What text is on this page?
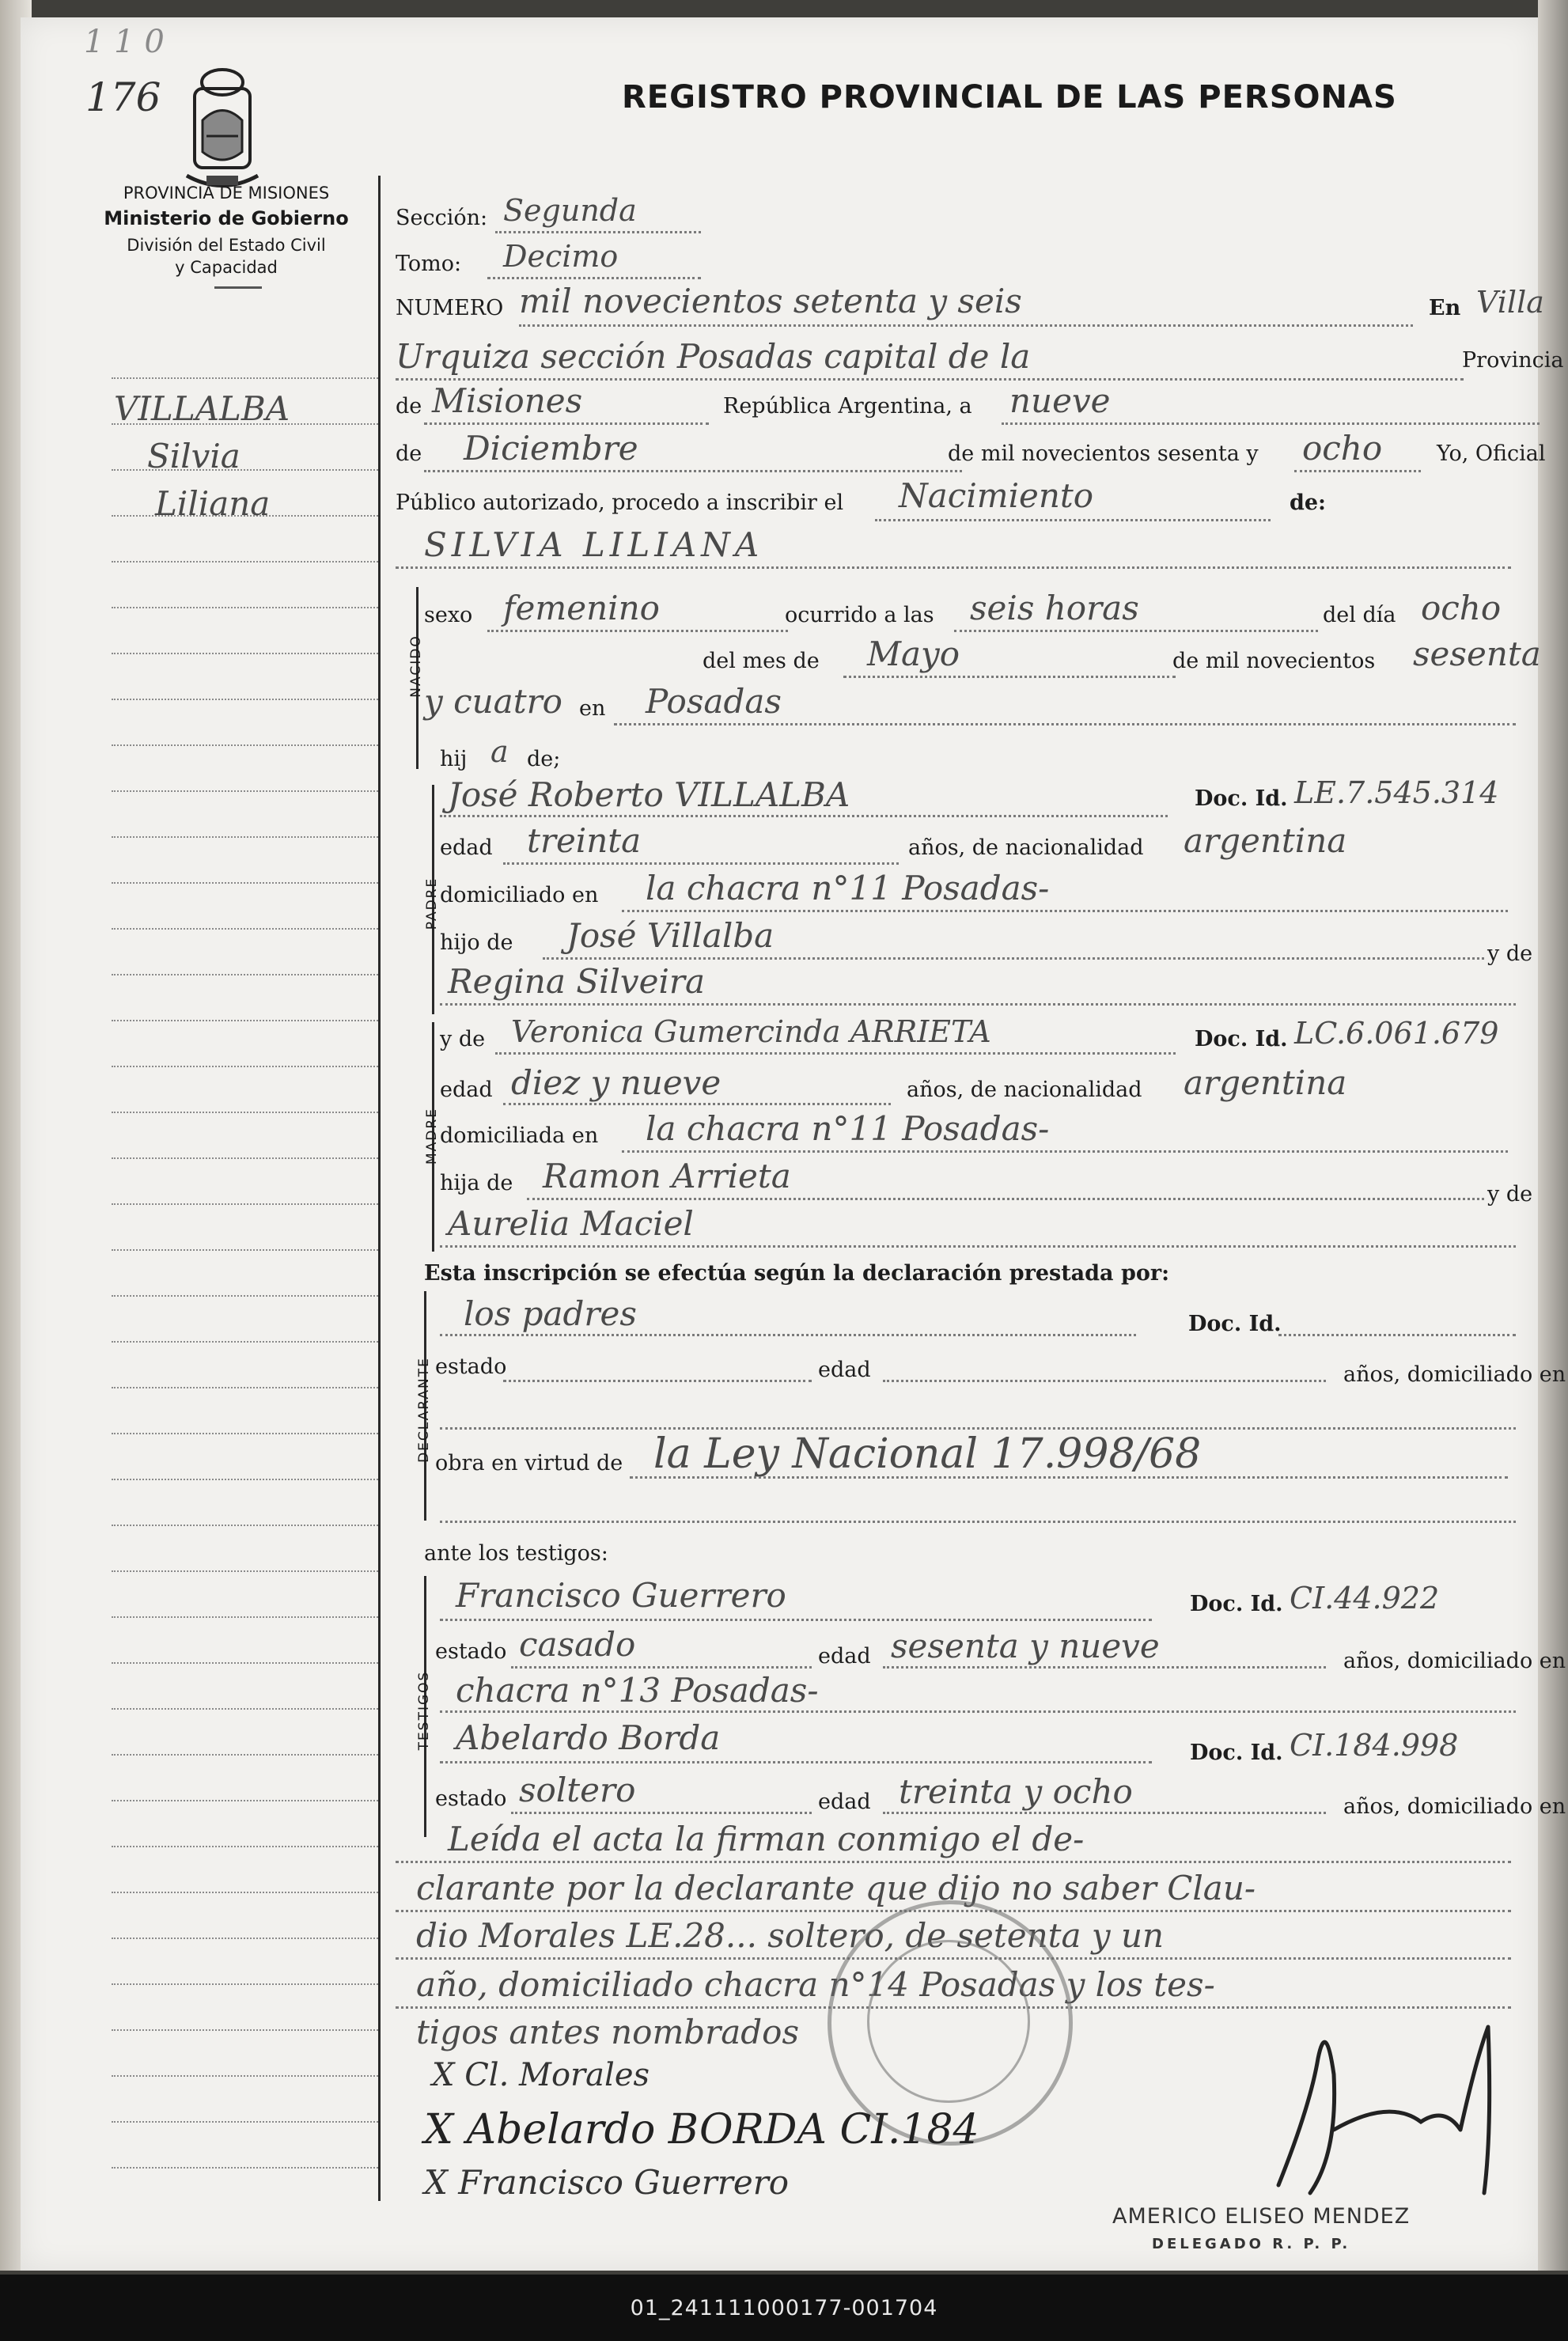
1 1 0
176	REGISTRO PROVINCIAL DE LAS PERSONAS
PROVINCIA DE MISIONES
Ministerio de Gobierno
División del Estado Civil
y Capacidad
VILLALBA
Silvia
Liliana
Sección: Segunda
Tomo: Decimo
NUMERO mil novecientos setenta y seis	En Villa
Urquiza sección Posadas capital de la	Provincia
de Misiones	República Argentina, a nueve
de Diciembre	de mil novecientos sesenta y ocho	Yo, Oficial
Público autorizado, procedo a inscribir el Nacimiento	de:
SILVIA LILIANA
NACIDO
sexo femenino	ocurrido a las seis horas	del día ocho
del mes de Mayo	de mil novecientos sesenta
y cuatro en Posadas
hij a de;
PADRE
José Roberto VILLALBA	Doc. Id. LE.7.545.314
edad treinta	años, de nacionalidad argentina
domiciliado en la chacra n°11 Posadas-
hijo de José Villalba	y de
Regina Silveira
MADRE
y de Veronica Gumercinda ARRIETA	Doc. Id. LC.6.061.679
edad diez y nueve	años, de nacionalidad argentina
domiciliada en la chacra n°11 Posadas-
hija de Ramon Arrieta	y de
Aurelia Maciel
Esta inscripción se efectúa según la declaración prestada por:
DECLARANTE
los padres	Doc. Id.
estado	edad	años, domiciliado en
obra en virtud de la Ley Nacional 17.998/68
ante los testigos:
TESTIGOS
Francisco Guerrero	Doc. Id. CI.44.922
estado casado	edad sesenta y nueve	años, domiciliado en
chacra n°13 Posadas-
Abelardo Borda	Doc. Id. CI.184.998
estado soltero	edad treinta y ocho	años, domiciliado en
Leída el acta la firman conmigo el de-
clarante por la declarante que dijo no saber Clau-
dio Morales LE.28... soltero, de setenta y un
año, domiciliado chacra n°14 Posadas y los tes-
tigos antes nombrados
X Cl. Morales
X Abelardo BORDA CI.184
X Francisco Guerrero
AMERICO ELISEO MENDEZ
DELEGADO R. P. P.
01_241111000177-001704
